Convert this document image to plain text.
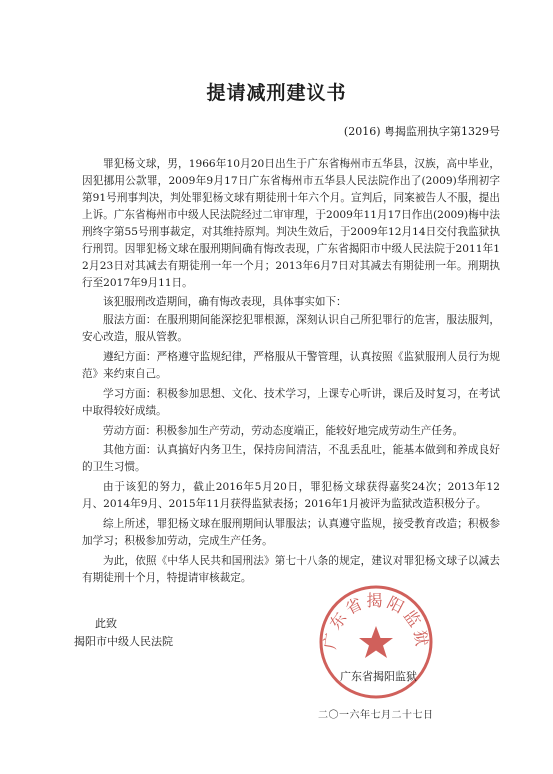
提请减刑建议书
(2016) 粤揭监刑执字第1329号

罪犯杨文球，男，1966年10月20日出生于广东省梅州市五华县，汉族，高中毕业，因犯挪用公款罪，2009年9月17日广东省梅州市五华县人民法院作出了(2009)华刑初字第91号刑事判决，判处罪犯杨文球有期徒刑十年六个月。宣判后，同案被告人不服，提出上诉。广东省梅州市中级人民法院经过二审审理，于2009年11月17日作出(2009)梅中法刑终字第55号刑事裁定，对其维持原判。判决生效后，于2009年12月14日交付我监狱执行刑罚。因罪犯杨文球在服刑期间确有悔改表现，广东省揭阳市中级人民法院于2011年12月23日对其减去有期徒刑一年一个月；2013年6月7日对其减去有期徒刑一年。刑期执行至2017年9月11日。

该犯服刑改造期间，确有悔改表现，具体事实如下：

服法方面：在服刑期间能深挖犯罪根源，深刻认识自己所犯罪行的危害，服法服判，安心改造，服从管教。

遵纪方面：严格遵守监规纪律，严格服从干警管理，认真按照《监狱服刑人员行为规范》来约束自己。

学习方面：积极参加思想、文化、技术学习，上课专心听讲，课后及时复习，在考试中取得较好成绩。

劳动方面：积极参加生产劳动，劳动态度端正，能较好地完成劳动生产任务。

其他方面：认真搞好内务卫生，保持房间清洁，不乱丢乱吐，能基本做到和养成良好的卫生习惯。

由于该犯的努力，截止2016年5月20日，罪犯杨文球获得嘉奖24次；2013年12月、2014年9月、2015年11月获得监狱表扬；2016年1月被评为监狱改造积极分子。

综上所述，罪犯杨文球在服刑期间认罪服法；认真遵守监规，接受教育改造；积极参加学习；积极参加劳动，完成生产任务。

为此，依照《中华人民共和国刑法》第七十八条的规定，建议对罪犯杨文球子以减去有期徒刑十个月，特提请审核裁定。

此致
揭阳市中级人民法院	广东省揭阳监狱
广东省揭阳监狱
二〇一六年七月二十七日
